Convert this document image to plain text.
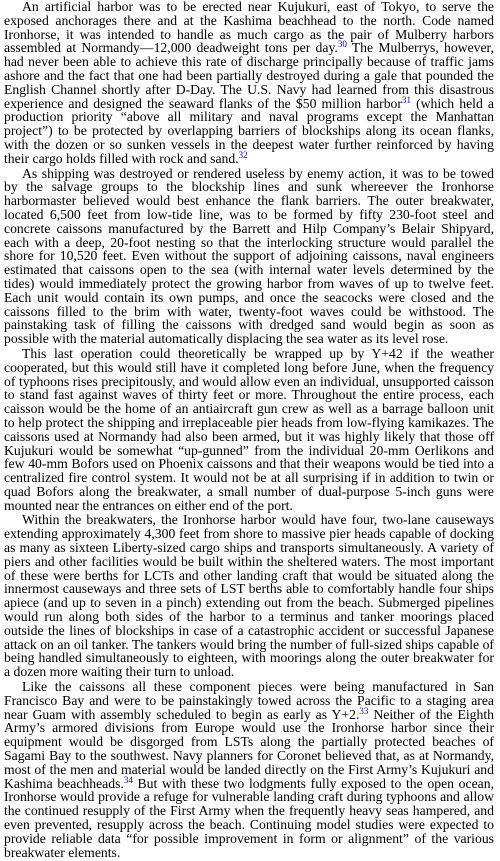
An artificial harbor was to be erected near Kujukuri, east of Tokyo, to serve the exposed anchorages there and at the Kashima beachhead to the north. Code named Ironhorse, it was intended to handle as much cargo as the pair of Mulberry harbors assembled at Normandy—12,000 deadweight tons per day.$^{30}$ The Mulberrys, however, had never been able to achieve this rate of discharge principally because of traffic jams ashore and the fact that one had been partially destroyed during a gale that pounded the English Channel shortly after D-Day. The U.S. Navy had learned from this disastrous experience and designed the seaward flanks of the $50 million harbor$^{31}$ (which held a production priority “above all military and naval programs except the Manhattan project”) to be protected by overlapping barriers of blockships along its ocean flanks, with the dozen or so sunken vessels in the deepest water further reinforced by having their cargo holds filled with rock and sand.$^{32}$

As shipping was destroyed or rendered useless by enemy action, it was to be towed by the salvage groups to the blockship lines and sunk whereever the Ironhorse harbormaster believed would best enhance the flank barriers. The outer breakwater, located 6,500 feet from low-tide line, was to be formed by fifty 230-foot steel and concrete caissons manufactured by the Barrett and Hilp Company’s Belair Shipyard, each with a deep, 20-foot nesting so that the interlocking structure would parallel the shore for 10,520 feet. Even without the support of adjoining caissons, naval engineers estimated that caissons open to the sea (with internal water levels determined by the tides) would immediately protect the growing harbor from waves of up to twelve feet. Each unit would contain its own pumps, and once the seacocks were closed and the caissons filled to the brim with water, twenty-foot waves could be withstood. The painstaking task of filling the caissons with dredged sand would begin as soon as possible with the material automatically displacing the sea water as its level rose.

This last operation could theoretically be wrapped up by Y+42 if the weather cooperated, but this would still have it completed long before June, when the frequency of typhoons rises precipitously, and would allow even an individual, unsupported caisson to stand fast against waves of thirty feet or more. Throughout the entire process, each caisson would be the home of an antiaircraft gun crew as well as a barrage balloon unit to help protect the shipping and irreplaceable pier heads from low-flying kamikazes. The caissons used at Normandy had also been armed, but it was highly likely that those off Kujukuri would be somewhat “up-gunned” from the individual 20-mm Oerlikons and few 40-mm Bofors used on Phoenix caissons and that their weapons would be tied into a centralized fire control system. It would not be at all surprising if in addition to twin or quad Bofors along the breakwater, a small number of dual-purpose 5-inch guns were mounted near the entrances on either end of the port.

Within the breakwaters, the Ironhorse harbor would have four, two-lane causeways extending approximately 4,300 feet from shore to massive pier heads capable of docking as many as sixteen Liberty-sized cargo ships and transports simultaneously. A variety of piers and other facilities would be built within the sheltered waters. The most important of these were berths for LCTs and other landing craft that would be situated along the innermost causeways and three sets of LST berths able to comfortably handle four ships apiece (and up to seven in a pinch) extending out from the beach. Submerged pipelines would run along both sides of the harbor to a terminus and tanker moorings placed outside the lines of blockships in case of a catastrophic accident or successful Japanese attack on an oil tanker. The tankers would bring the number of full-sized ships capable of being handled simultaneously to eighteen, with moorings along the outer breakwater for a dozen more waiting their turn to unload.

Like the caissons all these component pieces were being manufactured in San Francisco Bay and were to be painstakingly towed across the Pacific to a staging area near Guam with assembly scheduled to begin as early as Y+2.33 Neither of the Eighth Army’s armored divisions from Europe would use the Ironhorse harbor since their equipment would be disgorged from LSTs along the partially protected beaches of Sagami Bay to the southwest. Navy planners for Coronet believed that, as at Normandy, most of the men and material would be landed directly on the First Army’s Kujukuri and Kashima beachheads.$^{34}$ But with these two lodgments fully exposed to the open ocean, Ironhorse would provide a refuge for vulnerable landing craft during typhoons and allow the continued resupply of the First Army when the frequently heavy seas hampered, and even prevented, resupply across the beach. Continuing model studies were expected to provide reliable data “for possible improvement in form or alignment” of the various breakwater elements.
